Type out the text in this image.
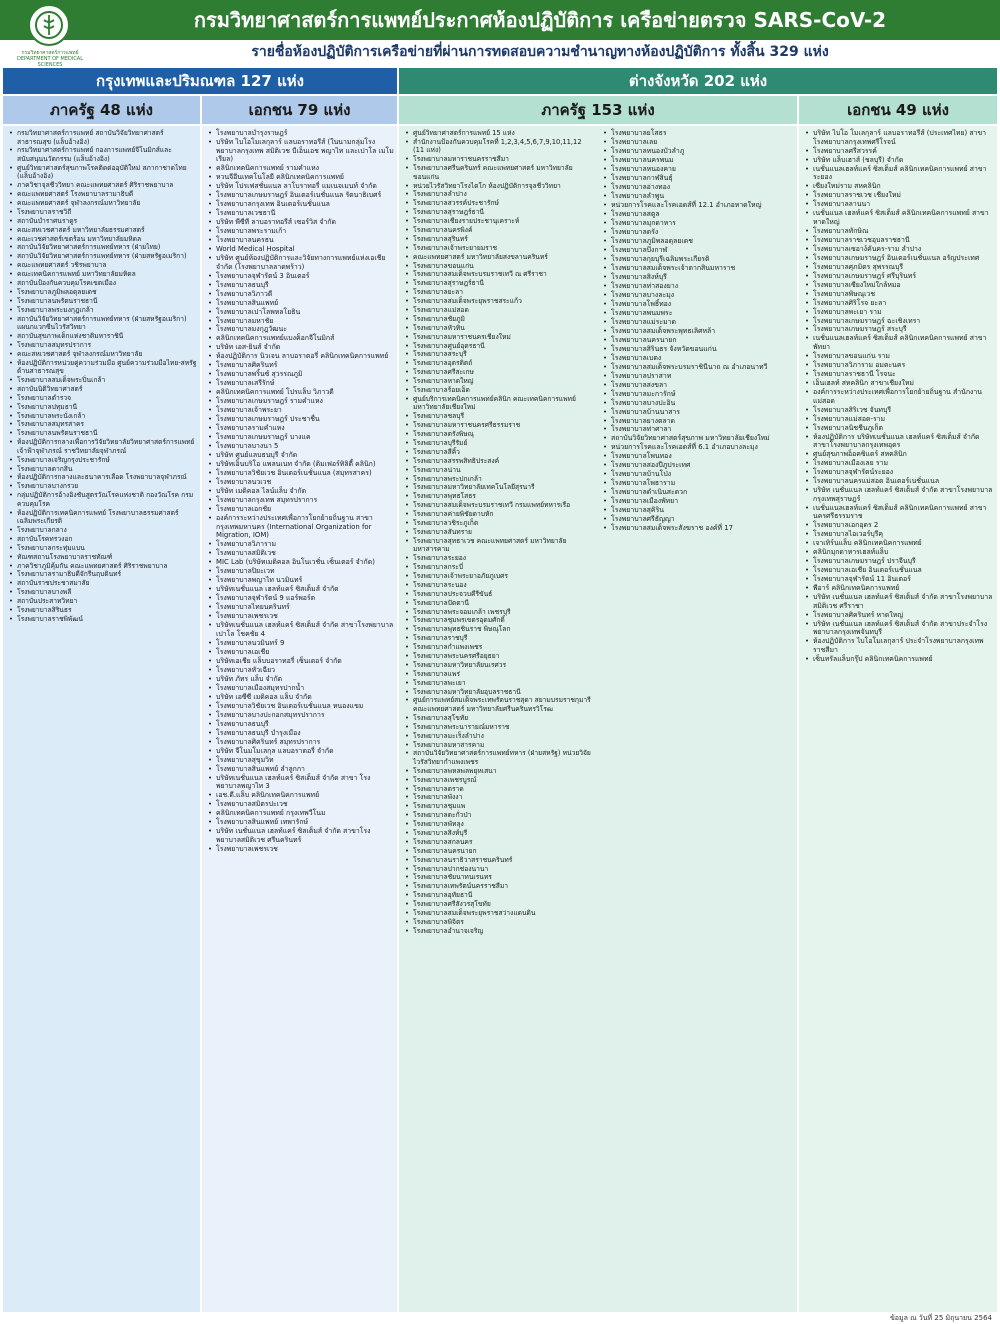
กรมวิทยาศาสตร์การแพทย์ประกาศห้องปฏิบัติการ เครือข่ายตรวจ SARS-CoV-2
กรมวิทยาศาสตร์การแพทย์ DEPARTMENT OF MEDICAL SCIENCES
รายชื่อห้องปฏิบัติการเครือข่ายที่ผ่านการทดสอบความชำนาญทางห้องปฏิบัติการ ทั้งสิ้น 329 แห่ง
กรุงเทพและปริมณฑล 127 แห่ง	ต่างจังหวัด 202 แห่ง
ภาครัฐ 48 แห่ง	เอกชน 79 แห่ง	ภาครัฐ 153 แห่ง	เอกชน 49 แห่ง
• กรมวิทยาศาสตร์การแพทย์ สถาบันวิจัยวิทยาศาสตร์สาธารณสุข (แล็บอ้างอิง)
• กรมวิทยาศาสตร์การแพทย์ กองการแพทย์จีโนมิกส์และสนับสนุนนวัตกรรม (แล็บอ้างอิง)
• ศูนย์วิทยาศาสตร์สุขภาพโรคติดต่ออุบัติใหม่ สภากาชาดไทย (แล็บอ้างอิง)
• ภาควิชาจุลชีววิทยา คณะแพทยศาสตร์ ศิริราชพยาบาล
• คณะแพทยศาสตร์ โรงพยาบาลรามาธิบดี
• คณะแพทยศาสตร์ จุฬาลงกรณ์มหาวิทยาลัย
• โรงพยาบาลราชวิถี
• สถาบันบำราศนราดูร
• คณะสหเวชศาสตร์ มหาวิทยาลัยธรรมศาสตร์
• คณะเวชศาสตร์เขตร้อน มหาวิทยาลัยมหิดล
• สถาบันวิจัยวิทยาศาสตร์การแพทย์ทหาร (ฝ่ายไทย)
• สถาบันวิจัยวิทยาศาสตร์การแพทย์ทหาร (ฝ่ายสหรัฐอเมริกา)
• คณะแพทยศาสตร์ วชิรพยาบาล
• คณะเทคนิคการแพทย์ มหาวิทยาลัยมหิดล
• สถาบันป้องกันควบคุมโรคเขตเมือง
• โรงพยาบาลภูมิพลอดุลยเดช
• โรงพยาบาลนพรัตนราชธานี
• โรงพยาบาลพระมงกุฎเกล้า
• สถาบันวิจัยวิทยาศาสตร์การแพทย์ทหาร (ฝ่ายสหรัฐอเมริกา) แผนกแวกซีนไวรัสวิทยา
• สถาบันสุขภาพเด็กแห่งชาติมหาราชินี
• โรงพยาบาลสมุทรปราการ
• คณะสหเวชศาสตร์ จุฬาลงกรณ์มหาวิทยาลัย
• ห้องปฏิบัติการหน่วยคู่ความร่วมมือ ศูนย์ความร่วมมือไทย-สหรัฐ ด้านสาธารณสุข
• โรงพยาบาลสมเด็จพระปิ่นเกล้า
• สถาบันนิติวิทยาศาสตร์
• โรงพยาบาลตำรวจ
• โรงพยาบาลปทุมธานี
• โรงพยาบาลพระนั่งเกล้า
• โรงพยาบาลสมุทรสาคร
• โรงพยาบาลนพรัตนราชธานี
• ห้องปฏิบัติการกลางเพื่อการวิจัยวิทยาลัยวิทยาศาสตร์การแพทย์เจ้าฟ้าจุฬาภรณ์ ราชวิทยาลัยจุฬาภรณ์
• โรงพยาบาลเจริญกรุงประชารักษ์
• โรงพยาบาลตากสิน
• ห้องปฏิบัติการกลางและธนาคารเลือด โรงพยาบาลจุฬาภรณ์
• โรงพยาบาลบางกรวย
• กลุ่มปฏิบัติการอ้างอิงชันสูตรวัณโรคแห่งชาติ กองวัณโรค กรมควบคุมโรค
• ห้องปฏิบัติการเทคนิคการแพทย์ โรงพยาบาลธรรมศาสตร์เฉลิมพระเกียรติ
• โรงพยาบาลกลาง
• สถาบันโรคทรวงอก
• โรงพยาบาลกระทุ่มแบน
• ทัณฑสถานโรงพยาบาลราชทัณฑ์
• ภาควิชาภูมิคุ้มกัน คณะแพทยศาสตร์ ศิริราชพยาบาล
• โรงพยาบาลรามาธิบดีจักรีนฤบดินทร์
• สถาบันราชประชาสมาสัย
• โรงพยาบาลบางพลี
• สถาบันประสาทวิทยา
• โรงพยาบาลสิรินธร
• โรงพยาบาลราชพิพัฒน์
• โรงพยาบาลบำรุงราษฎร์
• บริษัท ไบโอโมเลกุลาร์ แลบอราทอรีส์ (ในนามกลุ่มโรงพยาบาลกรุงเทพ สมิติเวช บีเอ็นเอช พญาไท และเปาโล เมโมเรียล)
• คลินิกเทคนิคการแพทย์ รามคำแหง
• หวนจีอีนเทคโนโลยี คลินิกเทคนิคการแพทย์
• บริษัท โปรเฟสชั่นแนล ลาโบราทอรี่ แมเนจเมนท์ จำกัด
• โรงพยาบาลเกษมราษฎร์ อินเตอร์เนชั่นแนล รัตนาธิเบศร์
• โรงพยาบาลกรุงเทพ อินเตอร์เนชั่นแนล
• โรงพยาบาลเวชธานี
• บริษัท พีซีที ลาบอราทอรีส์ เซอร์วิส จำกัด
• โรงพยาบาลพระรามเก้า
• โรงพยาบาลนครธน
• World Medical Hospital
• บริษัท ศูนย์ห้องปฏิบัติการและวิจัยทางการแพทย์แห่งเอเชีย จำกัด (โรงพยาบาลลาดพร้าว)
• โรงพยาบาลจุฬารัตน์ 3 อินเตอร์
• โรงพยาบาลธนบุรี
• โรงพยาบาลวิภาวดี
• โรงพยาบาลสินแพทย์
• โรงพยาบาลเปาโลพหลโยธิน
• โรงพยาบาลมหาชัย
• โรงพยาบาลมงกุฎวัฒนะ
• คลินิกเทคนิคการแพทย์แบงค็อกจีโนมิกส์
• บริษัท เอส-ยินส์ จำกัด
• ห้องปฏิบัติการ นิวเจน ลาบอราตอรี่ คลินิกเทคนิคการแพทย์
• โรงพยาบาลศิครินทร์
• โรงพยาบาลพริ้นซ์ สุวรรณภูมิ
• โรงพยาบาลเสรีรักษ์
• คลินิกเทคนิคการแพทย์ โปรแล็บ วิภาวดี
• โรงพยาบาลเกษมราษฎร์ รามคำแหง
• โรงพยาบาลเจ้าพระยา
• โรงพยาบาลเกษมราษฎร์ ประชาชื่น
• โรงพยาบาลรามคำแหง
• โรงพยาบาลเกษมราษฎร์ บางแค
• โรงพยาบาลบางนา 5
• บริษัท ศูนย์แลบธนบุรี จำกัด
• บริษัทเอ็นบริโอ แพลนเนท จำกัด (ดิมเฟอร์ทิลิตี้ คลินิก)
• โรงพยาบาลวิชัยเวช อินเตอร์เนชั่นแนล (สมุทรสาคร)
• โรงพยาบาลนวเวช
• บริษัท เมดิคอล ไลน์แล็บ จำกัด
• โรงพยาบาลกรุงเทพ สมุทรปราการ
• โรงพยาบาลเอกชัย
• องค์การระหว่างประเทศเพื่อการโยกย้ายถิ่นฐาน สาขากรุงเทพมหานคร (International Organization for Migration, IOM)
• โรงพยาบาลวิภาราม
• โรงพยาบาลสมิติเวช
• MIC Lab (บริษัทเมดิคอล อินโนเวชั่น เซ็นเตอร์ จำกัด)
• โรงพยาบาลปิยะเวท
• โรงพยาบาลพญาไท นวมินทร์
• บริษัทเนชั่นแนล เฮลท์แคร์ ซิสเต็มส์ จำกัด
• โรงพยาบาลจุฬารัตน์ 9 แอร์พอร์ต
• โรงพยาบาลไทยนครินทร์
• โรงพยาบาลเพชรเวช
• บริษัทเนชั่นแนล เฮลท์แคร์ ซิสเต็มส์ จำกัด สาขาโรงพยาบาลเปาโล โชคชัย 4
• โรงพยาบาลนวมินทร์ 9
• โรงพยาบาลเอเชีย
• บริษัทเอเชีย แล็บบอราทอรี่ เซ็นเตอร์ จำกัด
• โรงพยาบาลหัวเฉียว
• บริษัท ภัทร แล็บ จำกัด
• โรงพยาบาลเมืองสมุทรปากน้ำ
• บริษัท เอซีซี เมดิคอล แล็บ จำกัด
• โรงพยาบาลวิชัยเวช อินเตอร์เนชั่นแนล หนองแขม
• โรงพยาบาลบางปะกอกสมุทรปราการ
• โรงพยาบาลธนบุรี
• โรงพยาบาลธนบุรี บำรุงเมือง
• โรงพยาบาลศิครินทร์ สมุทรปราการ
• บริษัท จีโนมโมเลกุล แลบอราตอรี่ จำกัด
• โรงพยาบาลสุขุมวิท
• โรงพยาบาลสินแพทย์ ลำลูกกา
• บริษัทเนชั่นแนล เฮลท์แคร์ ซิสเต็มส์ จำกัด สาขา โรงพยาบาลพญาไท 3
• เอช.ดี.แล็บ คลินิกเทคนิคการแพทย์
• โรงพยาบาลสมิตรปะเวช
• คลินิกเทคนิคการแพทย์ กรุงเทพวีโนม
• โรงพยาบาลสินแพทย์ เทพารักษ์
• บริษัท เนชั่นแนล เฮลท์แคร์ ซิสเต็มส์ จำกัด สาขาโรงพยาบาลสมิติเวช ศรีนครินทร์
• โรงพยาบาลเพชรเวช
• ศูนย์วิทยาศาสตร์การแพทย์ 15 แห่ง
• สำนักงานป้องกันควบคุมโรคที่ 1,2,3,4,5,6,7,9,10,11,12 (11 แห่ง)
• โรงพยาบาลมหาราชนครราชสีมา
• โรงพยาบาลศรีนครินทร์ คณะแพทยศาสตร์ มหาวิทยาลัยขอนแก่น
• หน่วยไวรัสวิทยาโรงไตโก ห้องปฏิบัติการจุลชีววิทยา
• โรงพยาบาลลำปาง
• โรงพยาบาลสวรรค์ประชารักษ์
• โรงพยาบาลสุราษฎร์ธานี
• โรงพยาบาลเชียงรายประชานุเคราะห์
• โรงพยาบาลนครพิงค์
• โรงพยาบาลสุรินทร์
• โรงพยาบาลเจ้าพระยายมราช
• คณะแพทยศาสตร์ มหาวิทยาลัยสงขลานครินทร์
• โรงพยาบาลขอนแก่น
• โรงพยาบาลสมเด็จพระบรมราชเทวี ณ ศรีราชา
• โรงพยาบาลสุราษฎร์ธานี
• โรงพยาบาลยะลา
• โรงพยาบาลสมเด็จพระยุพราชสระแก้ว
• โรงพยาบาลแม่สอด
• โรงพยาบาลชัยภูมิ
• โรงพยาบาลหัวหิน
• โรงพยาบาลมหาราชนครเชียงใหม่
• โรงพยาบาลศูนย์อุดรธานี
• โรงพยาบาลสระบุรี
• โรงพยาบาลอุตรดิตถ์
• โรงพยาบาลศรีสะเกษ
• โรงพยาบาลหาดใหญ่
• โรงพยาบาลร้อยเอ็ด
• ศูนย์บริการเทคนิคการแพทย์คลินิก คณะเทคนิคการแพทย์ มหาวิทยาลัยเชียงใหม่
• โรงพยาบาลชลบุรี
• โรงพยาบาลมหาราชนครศรีธรรมราช
• โรงพยาบาลตรังพิษณุ
• โรงพยาบาลบุรีรัมย์
• โรงพยาบาลสีคิ้ว
• โรงพยาบาลสรรพสิทธิประสงค์
• โรงพยาบาลน่าน
• โรงพยาบาลพระปกเกล้า
• โรงพยาบาลมหาวิทยาลัยเทคโนโลยีสุรนารี
• โรงพยาบาลพุทธโสธร
• โรงพยาบาลสมเด็จพระบรมราชเทวี กรมแพทย์ทหารเรือ
• โรงพยาบาลค่ายพิชัยดาบหัก
• โรงพยาบาลวชิระภูเก็ต
• โรงพยาบาลสันทราย
• โรงพยาบาลสุทธาเวช คณะแพทยศาสตร์ มหาวิทยาลัยมหาสารคาม
• โรงพยาบาลระยอง
• โรงพยาบาลกระบี่
• โรงพยาบาลเจ้าพระยาอภัยภูเบศร
• โรงพยาบาลระนอง
• โรงพยาบาลประจวบคีรีขันธ์
• โรงพยาบาลปัตตานี
• โรงพยาบาลพระจอมเกล้า เพชรบุรี
• โรงพยาบาลชุมพรเขตรอุดมศักดิ์
• โรงพยาบาลพุทธชินราช พิษณุโลก
• โรงพยาบาลราชบุรี
• โรงพยาบาลกำแพงเพชร
• โรงพยาบาลพระนครศรีอยุธยา
• โรงพยาบาลมหาวิทยาลัยนเรศวร
• โรงพยาบาลแพร่
• โรงพยาบาลพะเยา
• โรงพยาบาลมหาวิทยาลัยอุบลราชธานี
• ศูนย์การแพทย์สมเด็จพระเทพรัตนราชสุดา สยามบรมราชกุมารี คณะแพทยศาสตร์ มหาวิทยาลัยศรีนครินทรวิโรฒ
• โรงพยาบาลสุโขทัย
• โรงพยาบาลพระนารายณ์มหาราช
• โรงพยาบาลมะเร็งลำปาง
• โรงพยาบาลมหาสารคาม
• สถาบันวิจัยวิทยาศาสตร์การแพทย์ทหาร (ฝ่ายสหรัฐ) หน่วยวิจัยไวรัสวิทยากำแพงเพชร
• โรงพยาบาลพหลพลพยุหเสนา
• โรงพยาบาลเพชรบูรณ์
• โรงพยาบาลตราด
• โรงพยาบาลพังงา
• โรงพยาบาลชุมแพ
• โรงพยาบาลตะกั่วป่า
• โรงพยาบาลพัทลุง
• โรงพยาบาลสิงห์บุรี
• โรงพยาบาลสกลนคร
• โรงพยาบาลนครนายก
• โรงพยาบาลนราธิวาสราชนครินทร์
• โรงพยาบาลปากช่องนานา
• โรงพยาบาลชัยนาทนเรนทร
• โรงพยาบาลเทพรัตน์นครราชสีมา
• โรงพยาบาลอุทัยธานี
• โรงพยาบาลศรีสังวรสุโขทัย
• โรงพยาบาลสมเด็จพระยุพราชสว่างแดนดิน
• โรงพยาบาลพิจิตร
• โรงพยาบาลอำนาจเจริญ
• โรงพยาบาลยโสธร
• โรงพยาบาลเลย
• โรงพยาบาลหนองบัวลำภู
• โรงพยาบาลนครพนม
• โรงพยาบาลหนองคาย
• โรงพยาบาลกาฬสินธุ์
• โรงพยาบาลอ่างทอง
• โรงพยาบาลลำพูน
• หน่วยการโรคและโรคเอดส์ที่ 12.1 อำเภอหาดใหญ่
• โรงพยาบาลสตูล
• โรงพยาบาลมุกดาหาร
• โรงพยาบาลตรัง
• โรงพยาบาลภูมิพลอดุลยเดช
• โรงพยาบาลบึงกาฬ
• โรงพยาบาลกุยบุรีเฉลิมพระเกียรติ
• โรงพยาบาลสมเด็จพระเจ้าตากสินมหาราช
• โรงพยาบาลสิงห์บุรี
• โรงพยาบาลท่าสองยาง
• โรงพยาบาลบางละมุง
• โรงพยาบาลโพธิ์ทอง
• โรงพยาบาลพนมพระ
• โรงพยาบาลแม่ระมาด
• โรงพยาบาลสมเด็จพระพุทธเลิศหล้า
• โรงพยาบาลนครนายก
• โรงพยาบาลสิรินธร จังหวัดขอนแก่น
• โรงพยาบาลเบตง
• โรงพยาบาลสมเด็จพระบรมราชินีนาถ ณ อำเภอนาทวี
• โรงพยาบาลปราสาท
• โรงพยาบาลสงขลา
• โรงพยาบาลมะการักษ์
• โรงพยาบาลบางปะอิน
• โรงพยาบาลบ้านนาสาร
• โรงพยาบาลยางตลาด
• โรงพยาบาลท่าศาลา
• สถาบันวิจัยวิทยาศาสตร์สุขภาพ มหาวิทยาลัยเชียงใหม่
• หน่วยการโรคและโรคเอดส์ที่ 6.1 อำเภอบางละมุง
• โรงพยาบาลโพนทอง
• โรงพยาบาลสองปีภูประเทศ
• โรงพยาบาลบ้านโป่ง
• โรงพยาบาลโพธาราม
• โรงพยาบาลดำเนินสะดวก
• โรงพยาบาลเมืองพัทยา
• โรงพยาบาลสุคิริน
• โรงพยาบาลศรีธัญญา
• โรงพยาบาลสมเด็จพระสังฆราช องค์ที่ 17
• บริษัท ไบโอ โมเลกุลาร์ แลบอราทอรีส์ (ประเทศไทย) สาขาโรงพยาบาลกรุงเทพศรีโรจน์
• โรงพยาบาลศรีสวรรค์
• บริษัท แล็บเฮาส์ (ชลบุรี) จำกัด
• เนชั่นแนลเฮลท์แคร์ ซิสเต็มส์ คลินิกเทคนิคการแพทย์ สาขาระยอง
• เซียงใหม่ราม สหคลินิก
• โรงพยาบาลราชเวช เชียงใหม่
• โรงพยาบาลลานนา
• เนชั่นแนล เฮลท์แคร์ ซิสเต็มส์ คลินิกเทคนิคการแพทย์ สาขาหาดใหญ่
• โรงพยาบาลทักษิณ
• โรงพยาบาลราชเวชอุบลราชธานี
• โรงพยาบาลเซอาง์คันคร-ราม ลำปาง
• โรงพยาบาลเกษมราษฎร์ อินเตอร์เนชั่นแนล อรัญประเทศ
• โรงพยาบาลศุภมิตร สุพรรณบุรี
• โรงพยาบาลเกษมราษฎร์ ศรีบุรินทร์
• โรงพยาบาลเซียงใหม่ใกล้หมอ
• โรงพยาบาลพิษณุเวช
• โรงพยาบาลศิริโรจ ยะลา
• โรงพยาบาลพะเยา ราม
• โรงพยาบาลเกษมราษฎร์ ฉะเชิงเทรา
• โรงพยาบาลเกษมราษฎร์ สระบุรี
• เนชั่นแนลเฮลท์แคร์ ซิสเต็มส์ คลินิกเทคนิคการแพทย์ สาขาพัทยา
• โรงพยาบาลขอนแก่น ราม
• โรงพยาบาลวิภาราม อมตะนคร
• โรงพยาบาลราชธานี โรจนะ
• เอ็นเฮลท์ สหคลินิก สาขาเชียงใหม่
• องค์การระหว่างประเทศเพื่อการโยกย้ายถิ่นฐาน สำนักงานแม่สอด
• โรงพยาบาลสิริเวช จันทบุรี
• โรงพยาบาลแม่สอด-ราม
• โรงพยาบาลนิชชีนภูเก็ต
• ห้องปฏิบัติการ บริษัทเนชั่นแนล เฮลท์แคร์ ซิสเต็มส์ จำกัด สาขาโรงพยาบาลกรุงเทพอุดร
• ศูนย์สุขภาพอ็อคซิแดร์ สหคลินิก
• โรงพยาบาลเมืองเลย ราม
• โรงพยาบาลจุฬารัตน์ระยอง
• โรงพยาบาลนครแม่สอด อินเตอร์เนชั่นแนล
• บริษัท เนชั่นแนล เฮลท์แคร์ ซิสเต็มส์ จำกัด สาขาโรงพยาบาลกรุงเทพสุราษฎร์
• เนชั่นแนลเฮลท์แคร์ ซิสเต็มส์ คลินิกเทคนิคการแพทย์ สาขานครศรีธรรมราช
• โรงพยาบาลเอกอุดร 2
• โรงพยาบาลไอเวอร์บุรีคุ
• เจาเทิร์นแล็บ คลินิกเทคนิคการแพทย์
• คลินิกมุกดาหารเฮลท์แล็บ
• โรงพยาบาลเกษมราษฎร์ ปราจีนบุรี
• โรงพยาบาลเอเชีย อินเตอร์เนชั่นแนล
• โรงพยาบาลจุฬารัตน์ 11 อินเตอร์
• พีอาร์ คลินิกเทคนิคการแพทย์
• บริษัท เนชั่นแนล เฮลท์แคร์ ซิสเต็มส์ จำกัด สาขาโรงพยาบาลสมิติเวช ศรีราชา
• โรงพยาบาลศิครินทร์ หาดใหญ่
• บริษัท เนชั่นแนล เฮลท์แคร์ ซิสเต็มส์ จำกัด สาขาประจำโรงพยาบาลกรุงเทพจันทบุรี
• ห้องปฏิบัติการ ไบโอโมเลกุลาร์ ประจำโรงพยาบาลกรุงเทพราชสีมา
• เซ็นทรัลแล็บกรุ๊ป คลินิกเทคนิคการแพทย์
ข้อมูล ณ วันที่ 25 มิถุนายน 2564
